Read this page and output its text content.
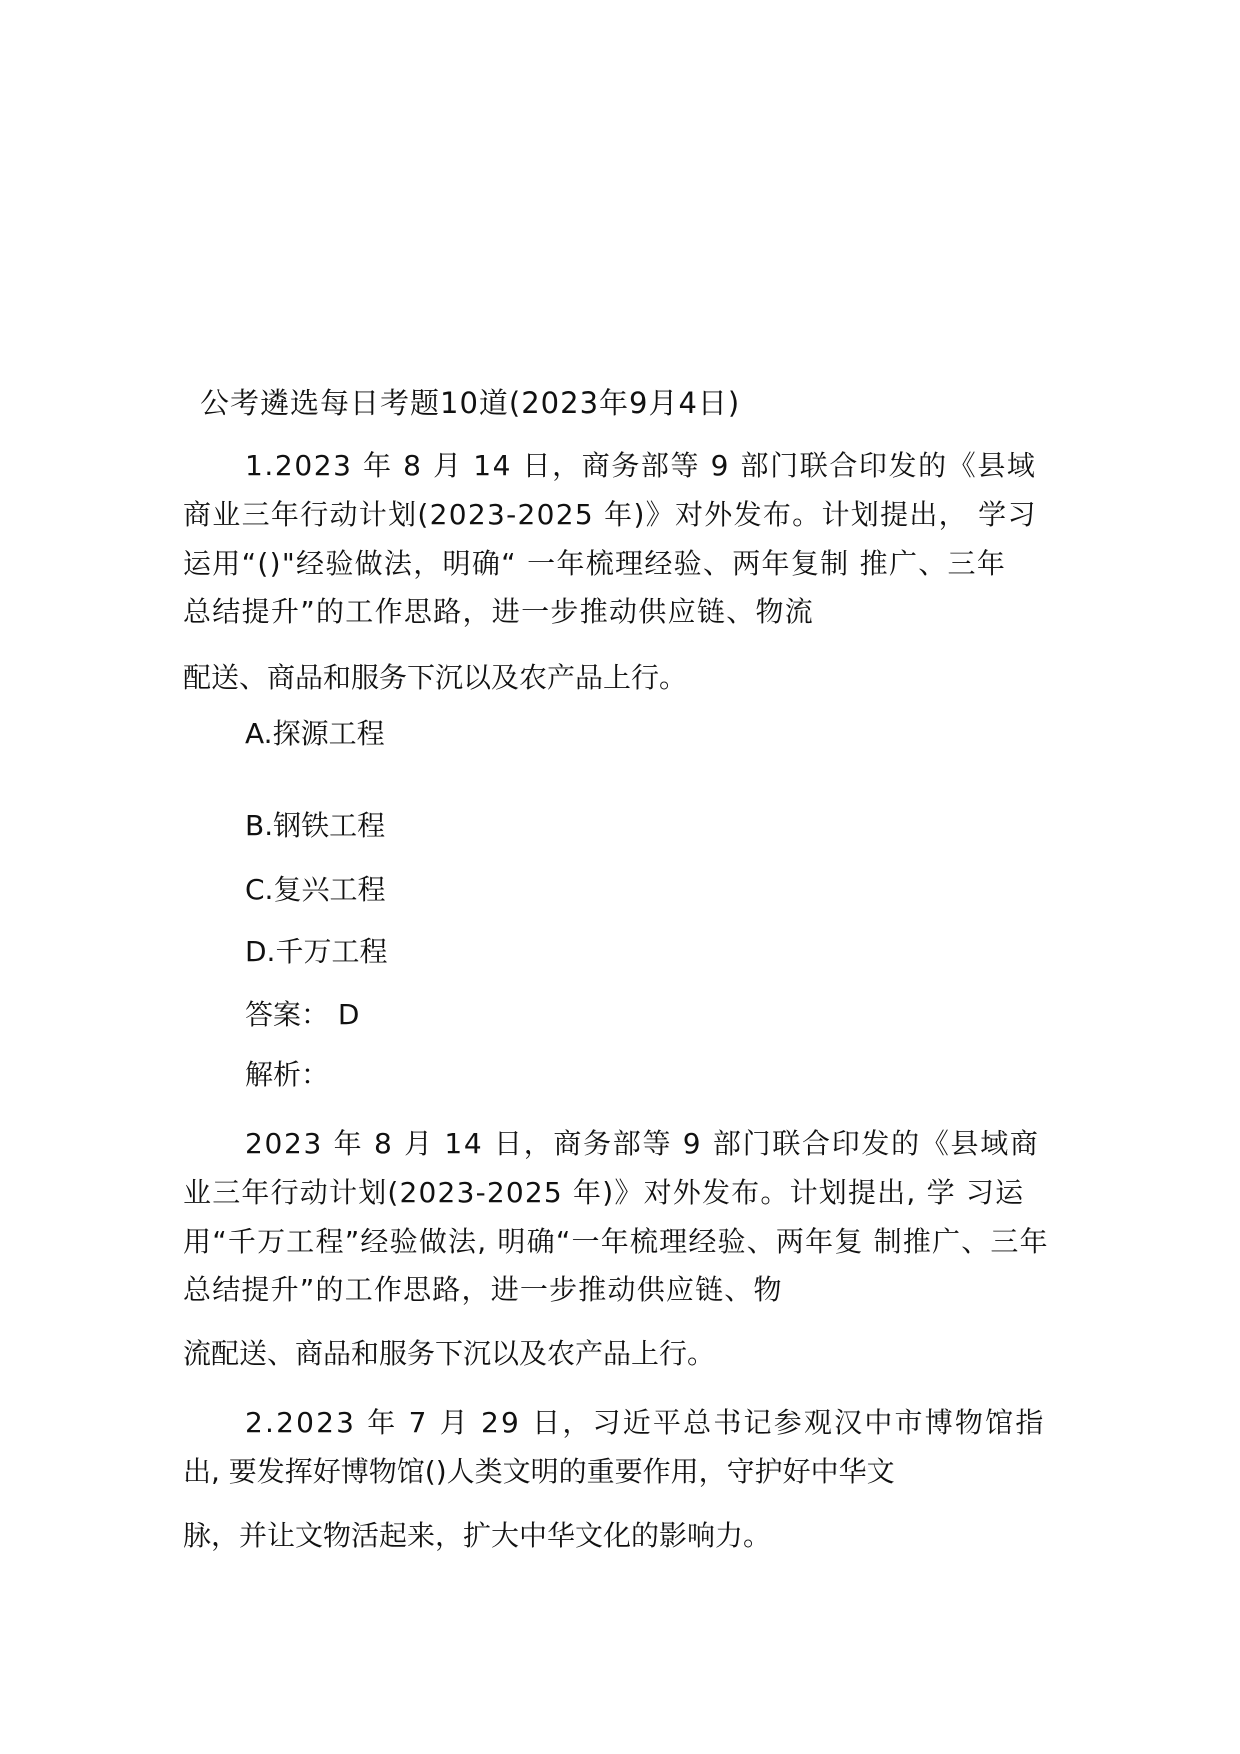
公考遴选每日考题10道(2023年9月4日)

1.2023 年 8 月 14 日，商务部等 9 部门联合印发的《县域

商业三年行动计划(2023-2025 年)》对外发布。计划提出， 学习

运用“()"经验做法，明确“ 一年梳理经验、两年复制 推广、三年

总结提升”的工作思路，进一步推动供应链、物流

配送、商品和服务下沉以及农产品上行。

A.探源工程

B.钢铁工程

C.复兴工程

D.千万工程

答案： D

解析：

2023 年 8 月 14 日，商务部等 9 部门联合印发的《县域商

业三年行动计划(2023-2025 年)》对外发布。计划提出, 学 习运

用“千万工程”经验做法, 明确“一年梳理经验、两年复 制推广、三年

总结提升”的工作思路，进一步推动供应链、物

流配送、商品和服务下沉以及农产品上行。

2.2023 年 7 月 29 日，习近平总书记参观汉中市博物馆指

出, 要发挥好博物馆()人类文明的重要作用，守护好中华文

脉，并让文物活起来，扩大中华文化的影响力。
